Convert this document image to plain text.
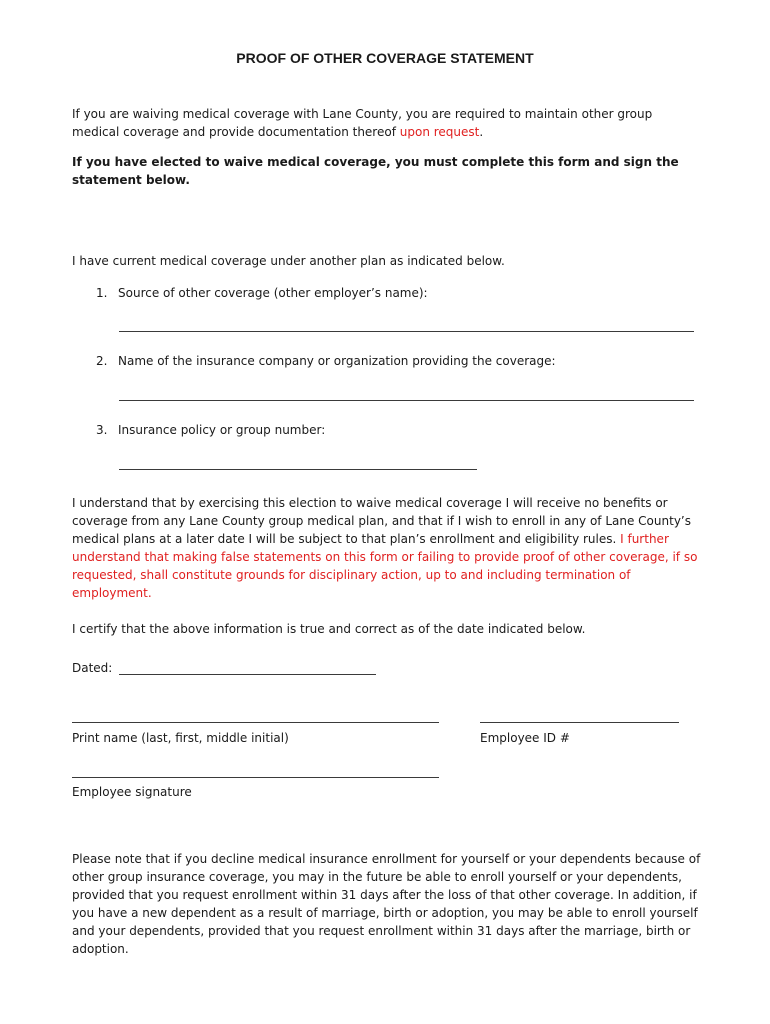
PROOF OF OTHER COVERAGE STATEMENT
If you are waiving medical coverage with Lane County, you are required to maintain other group medical coverage and provide documentation thereof upon request.
If you have elected to waive medical coverage, you must complete this form and sign the statement below.
I have current medical coverage under another plan as indicated below.
1. Source of other coverage (other employer’s name):
2. Name of the insurance company or organization providing the coverage:
3. Insurance policy or group number:
I understand that by exercising this election to waive medical coverage I will receive no benefits or coverage from any Lane County group medical plan, and that if I wish to enroll in any of Lane County’s medical plans at a later date I will be subject to that plan’s enrollment and eligibility rules. I further understand that making false statements on this form or failing to provide proof of other coverage, if so requested, shall constitute grounds for disciplinary action, up to and including termination of employment.
I certify that the above information is true and correct as of the date indicated below.
Dated:
Print name (last, first, middle initial)	Employee ID #
Employee signature
Please note that if you decline medical insurance enrollment for yourself or your dependents because of other group insurance coverage, you may in the future be able to enroll yourself or your dependents, provided that you request enrollment within 31 days after the loss of that other coverage. In addition, if you have a new dependent as a result of marriage, birth or adoption, you may be able to enroll yourself and your dependents, provided that you request enrollment within 31 days after the marriage, birth or adoption.
